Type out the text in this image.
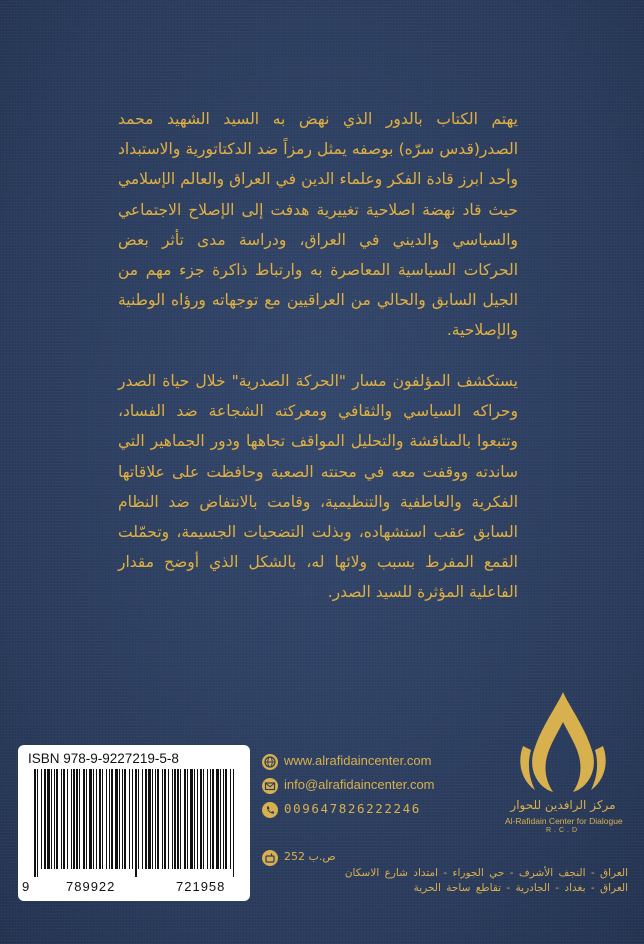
يهتم الكتاب بالدور الذي نهض به السيد الشهيد محمد الصدر(قدس سرّه) بوصفه يمثل رمزاً ضد الدكتاتورية والاستبداد وأحد ابرز قادة الفكر وعلماء الدين في العراق والعالم الإسلامي حيث قاد نهضة اصلاحية تغييرية هدفت إلى الإصلاح الاجتماعي والسياسي والديني في العراق، ودراسة مدى تأثر بعض الحركات السياسية المعاصرة به وارتباط ذاكرة جزء مهم من الجيل السابق والحالي من العراقيين مع توجهاته ورؤاه الوطنية والإصلاحية.
يستكشف المؤلفون مسار "الحركة الصدرية" خلال حياة الصدر وحراكه السياسي والثقافي ومعركته الشجاعة ضد الفساد، وتتبعوا بالمناقشة والتحليل المواقف تجاهها ودور الجماهير التي ساندته ووقفت معه في محنته الصعبة وحافظت على علاقاتها الفكرية والعاطفية والتنظيمية، وقامت بالانتفاض ضد النظام السابق عقب استشهاده، وبذلت التضحيات الجسيمة، وتحمّلت القمع المفرط بسبب ولائها له، بالشكل الذي أوضح مقدار الفاعلية المؤثرة للسيد الصدر.
ISBN 978-9-9227219-5-8
9	789922	721958
www.alrafidaincenter.com
info@alrafidaincenter.com
009647826222246
ص.ب 252
العراق - النجف الأشرف - حي الجوراء - امتداد شارع الاسكان
العراق - بغداد - الجادرية - تقاطع ساحة الحرية
مركز الرافدين للحوار
Al-Rafidain Center for Dialogue
R.C.D
